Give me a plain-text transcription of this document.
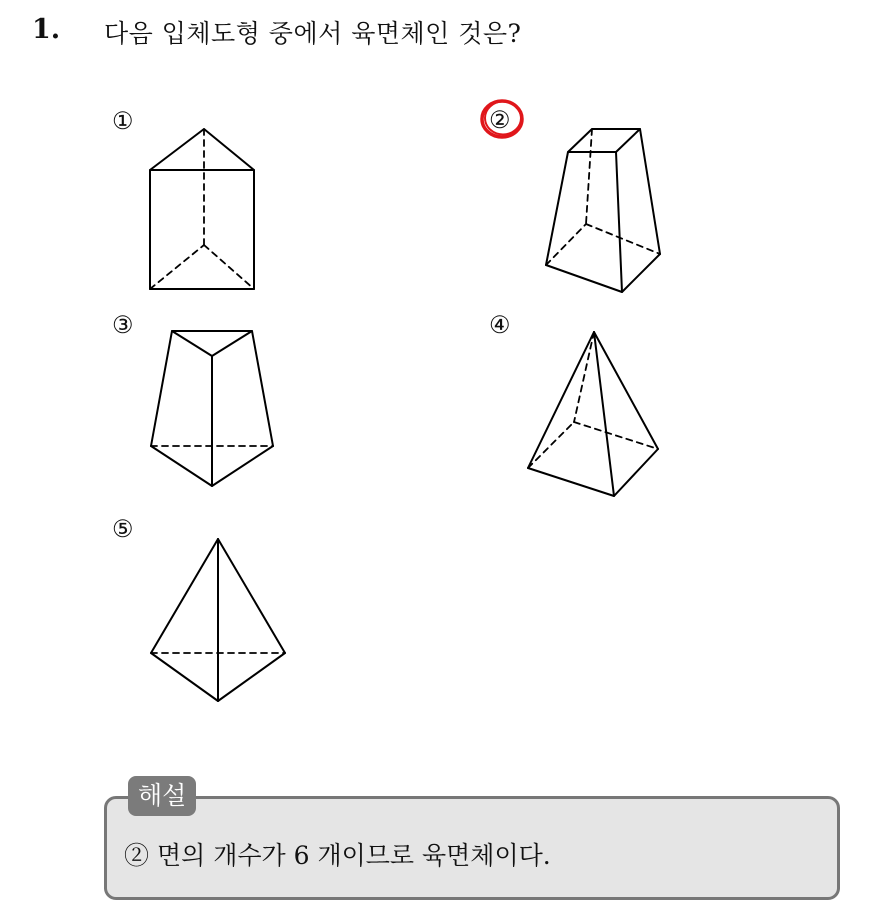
1. 다음 입체도형 중에서 육면체인 것은?
①	②
③	④
⑤
해설
② 면의 개수가 6 개이므로 육면체이다.
